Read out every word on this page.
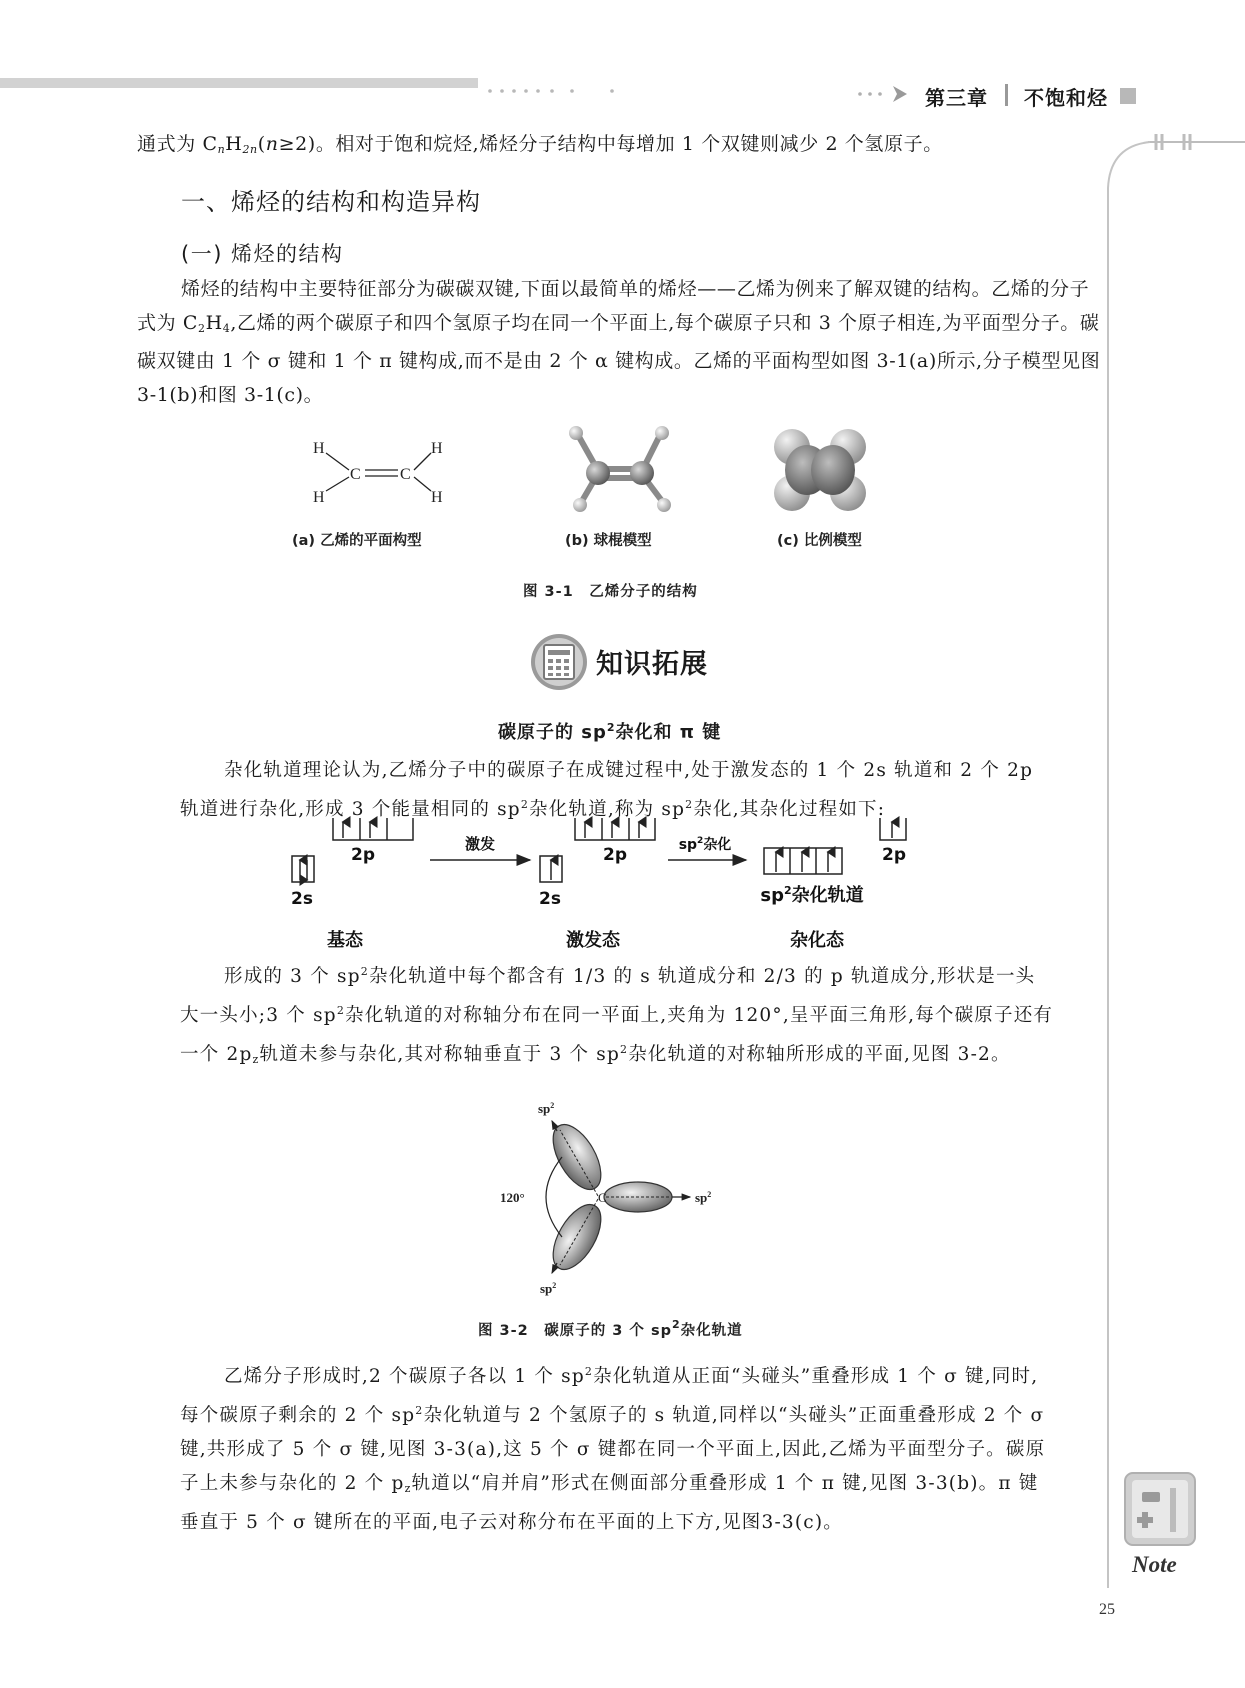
第三章 不饱和烃
Note

通式为 $C_nH_{2n}(n\ge 2)$。相对于饱和烷烃,烯烃分子结构中每增加 1 个双键则减少 2 个氢原子。

一、烯烃的结构和构造异构
(一) 烯烃的结构

烯烃的结构中主要特征部分为碳碳双键,下面以最简单的烯烃——乙烯为例来了解双键的结构。乙烯的分子式为 $C_2H_4$,乙烯的两个碳原子和四个氢原子均在同一个平面上,每个碳原子只和 3 个原子相连,为平面型分子。碳碳双键由 1 个 σ 键和 1 个 π 键构成,而不是由 2 个 α 键构成。乙烯的平面构型如图 3-1(a)所示,分子模型见图 3-1(b)和图 3-1(c)。

H
H
C C
H
H
(a) 乙烯的平面构型	(b) 球棍模型	(c) 比例模型
图 3-1　乙烯分子的结构
知识拓展
碳原子的 $sp^2$杂化和 π 键

杂化轨道理论认为,乙烯分子中的碳原子在成键过程中,处于激发态的 1 个 2s 轨道和 2 个 2p 轨道进行杂化,形成 3 个能量相同的 $sp^2$杂化轨道,称为 $sp^2$杂化,其杂化过程如下:

2p
2s
激发
2s
2p	$sp^2$杂化
$sp^2$杂化轨道
2p
基态	激发态	杂化态

形成的 3 个 $sp^2$杂化轨道中每个都含有 1/3 的 s 轨道成分和 2/3 的 p 轨道成分,形状是一头大一头小;3 个 $sp^2$杂化轨道的对称轴分布在同一平面上,夹角为 120°,呈平面三角形,每个碳原子还有一个 $2p_z$轨道未参与杂化,其对称轴垂直于 3 个 $sp^2$杂化轨道的对称轴所形成的平面,见图 3-2。

$sp^2$
$sp^2$
$sp^2$
120°	C
图 3-2　碳原子的 3 个 $sp^2$杂化轨道

乙烯分子形成时,2 个碳原子各以 1 个 $sp^2$杂化轨道从正面“头碰头”重叠形成 1 个 σ 键,同时,每个碳原子剩余的 2 个 $sp^2$杂化轨道与 2 个氢原子的 s 轨道,同样以“头碰头”正面重叠形成 2 个 σ 键,共形成了 5 个 σ 键,见图 3-3(a),这 5 个 σ 键都在同一个平面上,因此,乙烯为平面型分子。碳原子上未参与杂化的 2 个 $p_z$轨道以“肩并肩”形式在侧面部分重叠形成 1 个 π 键,见图 3-3(b)。π 键垂直于 5 个 σ 键所在的平面,电子云对称分布在平面的上下方,见图3-3(c)。

25
